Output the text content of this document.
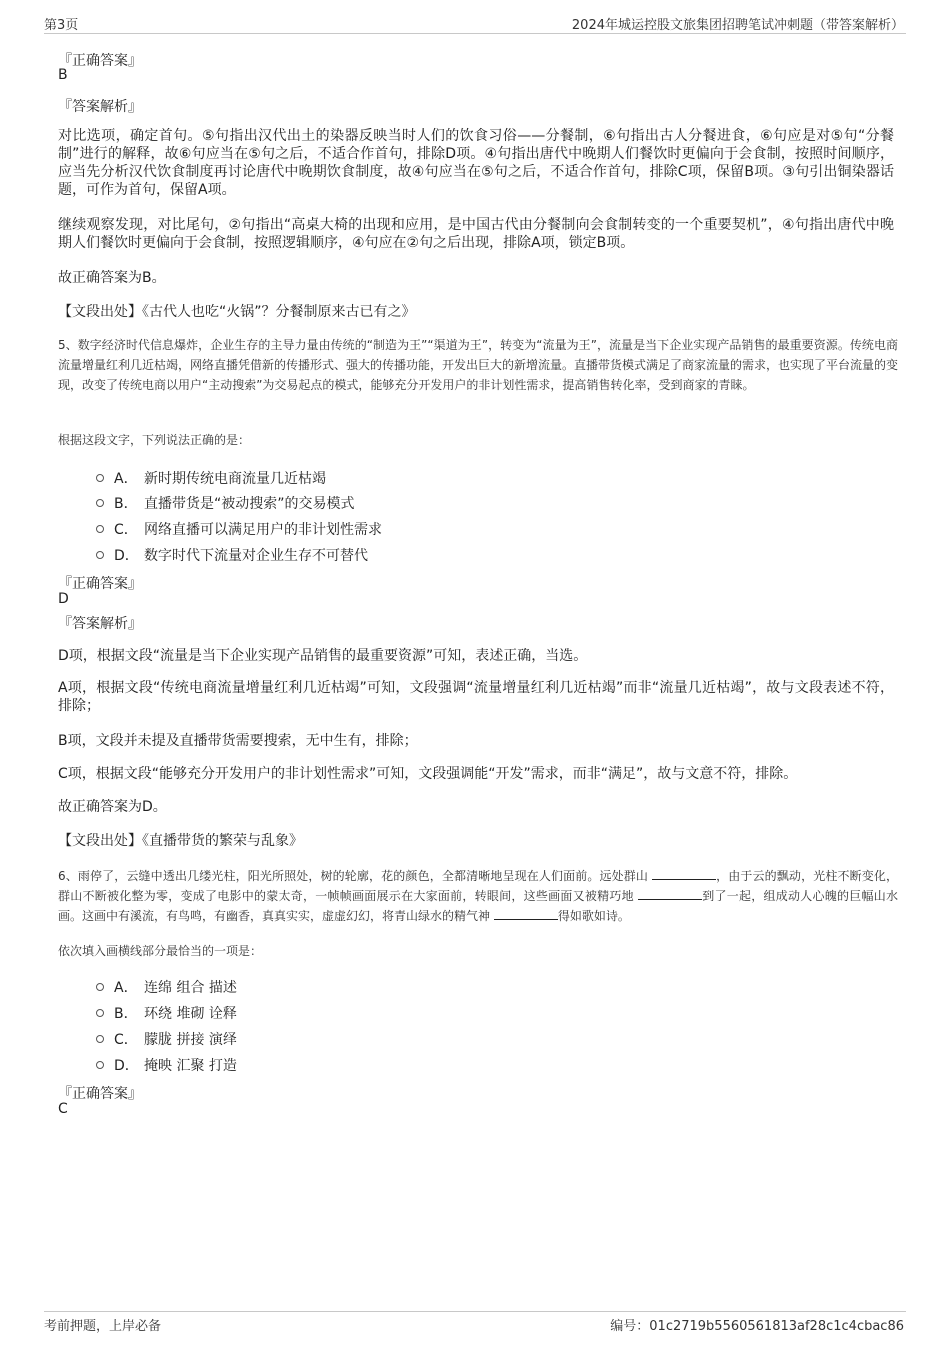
第3页	2024年城运控股文旅集团招聘笔试冲刺题（带答案解析）
『正确答案』
B
『答案解析』
对比选项，确定首句。⑤句指出汉代出土的染器反映当时人们的饮食习俗——分餐制，⑥句指出古人分餐进食，⑥句应是对⑤句“分餐制”进行的解释，故⑥句应当在⑤句之后，不适合作首句，排除D项。④句指出唐代中晚期人们餐饮时更偏向于会食制，按照时间顺序，应当先分析汉代饮食制度再讨论唐代中晚期饮食制度，故④句应当在⑤句之后，不适合作首句，排除C项，保留B项。③句引出铜染器话题，可作为首句，保留A项。
继续观察发现，对比尾句，②句指出“高桌大椅的出现和应用，是中国古代由分餐制向会食制转变的一个重要契机”，④句指出唐代中晚期人们餐饮时更偏向于会食制，按照逻辑顺序，④句应在②句之后出现，排除A项，锁定B项。
故正确答案为B。
【文段出处】《古代人也吃“火锅”？分餐制原来古已有之》
5、数字经济时代信息爆炸，企业生存的主导力量由传统的“制造为王”“渠道为王”，转变为“流量为王”，流量是当下企业实现产品销售的最重要资源。传统电商流量增量红利几近枯竭，网络直播凭借新的传播形式、强大的传播功能，开发出巨大的新增流量。直播带货模式满足了商家流量的需求，也实现了平台流量的变现，改变了传统电商以用户“主动搜索”为交易起点的模式，能够充分开发用户的非计划性需求，提高销售转化率，受到商家的青睐。
根据这段文字，下列说法正确的是：
A． 新时期传统电商流量几近枯竭
B． 直播带货是“被动搜索”的交易模式
C． 网络直播可以满足用户的非计划性需求
D． 数字时代下流量对企业生存不可替代
『正确答案』
D
『答案解析』
D项，根据文段“流量是当下企业实现产品销售的最重要资源”可知，表述正确，当选。
A项，根据文段“传统电商流量增量红利几近枯竭”可知，文段强调“流量增量红利几近枯竭”而非“流量几近枯竭”，故与文段表述不符，排除；
B项，文段并未提及直播带货需要搜索，无中生有，排除；
C项，根据文段“能够充分开发用户的非计划性需求”可知，文段强调能“开发”需求，而非“满足”，故与文意不符，排除。
故正确答案为D。
【文段出处】《直播带货的繁荣与乱象》
6、雨停了，云缝中透出几缕光柱，阳光所照处，树的轮廓，花的颜色，全都清晰地呈现在人们面前。远处群山	，由于云的飘动，光柱不断变化，群山不断被化整为零，变成了电影中的蒙太奇，一帧帧画面展示在大家面前，转眼间，这些画面又被精巧地	到了一起，组成动人心魄的巨幅山水画。这画中有溪流，有鸟鸣，有幽香，真真实实，虚虚幻幻，将青山绿水的精气神	得如歌如诗。
依次填入画横线部分最恰当的一项是：
A． 连绵 组合 描述
B． 环绕 堆砌 诠释
C． 朦胧 拼接 演绎
D． 掩映 汇聚 打造
『正确答案』
C
考前押题，上岸必备	编号：01c2719b5560561813af28c1c4cbac86
